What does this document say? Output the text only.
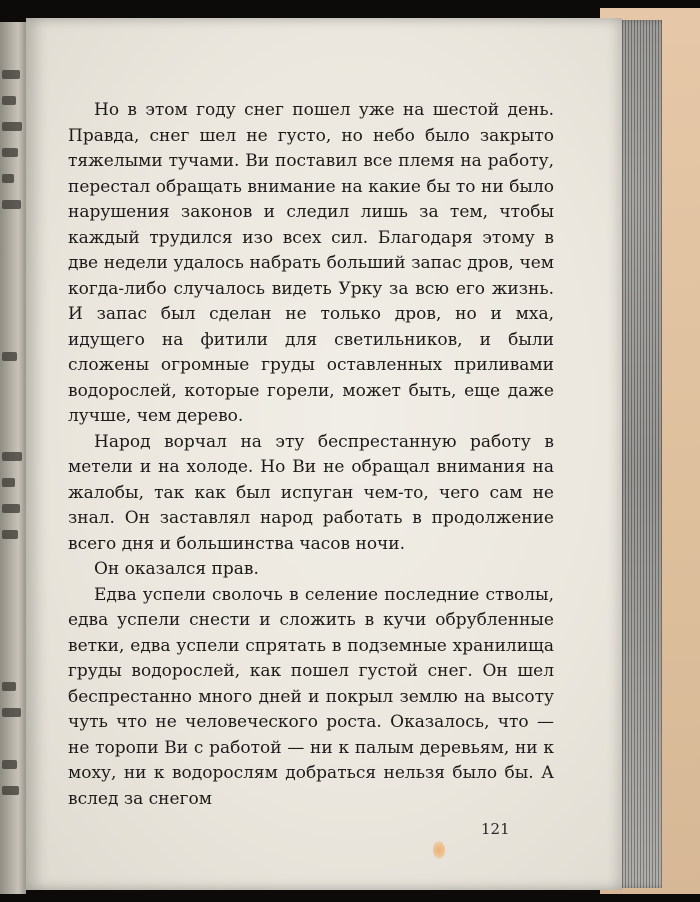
Но в этом году снег пошел уже на шестой день. Правда, снег шел не густо, но небо было закрыто тяжелыми тучами. Ви поставил все племя на работу, перестал обращать внимание на какие бы то ни было нарушения законов и следил лишь за тем, чтобы каждый трудился изо всех сил. Благодаря этому в две недели удалось набрать больший запас дров, чем когда-либо случалось видеть Урку за всю его жизнь. И запас был сделан не только дров, но и мха, идущего на фитили для светильников, и были сложены огромные груды оставленных приливами водорослей, которые горели, может быть, еще даже лучше, чем дерево.

Народ ворчал на эту беспрестанную работу в метели и на холоде. Но Ви не обращал внимания на жалобы, так как был испуган чем-то, чего сам не знал. Он заставлял народ работать в продолжение всего дня и большинства часов ночи.

Он оказался прав.

Едва успели сволочь в селение последние стволы, едва успели снести и сложить в кучи обрубленные ветки, едва успели спрятать в подземные хранилища груды водорослей, как пошел густой снег. Он шел беспрестанно много дней и покрыл землю на высоту чуть что не человеческого роста. Оказалось, что — не торопи Ви с работой — ни к палым деревьям, ни к моху, ни к водорослям добраться нельзя было бы. А вслед за снегом

121
